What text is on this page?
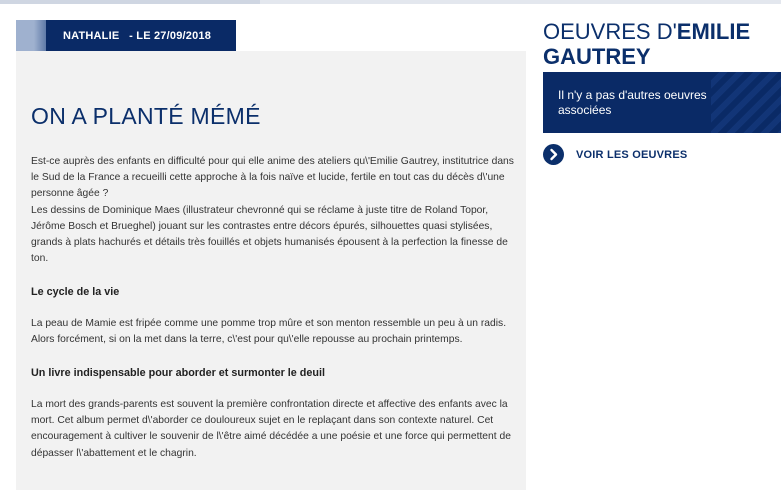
NATHALIE   - LE 27/09/2018
ON A PLANTÉ MÉMÉ

Est-ce auprès des enfants en difficulté pour qui elle anime des ateliers qu\'Emilie Gautrey, institutrice dans le Sud de la France a recueilli cette approche à la fois naïve et lucide, fertile en tout cas du décès d\'une personne âgée ?

Les dessins de Dominique Maes (illustrateur chevronné qui se réclame à juste titre de Roland Topor, Jérôme Bosch et Brueghel) jouant sur les contrastes entre décors épurés, silhouettes quasi stylisées, grands à plats hachurés et détails très fouillés et objets humanisés épousent à la perfection la finesse de ton.

Le cycle de la vie

La peau de Mamie est fripée comme une pomme trop mûre et son menton ressemble un peu à un radis. Alors forcément, si on la met dans la terre, c\'est pour qu\'elle repousse au prochain printemps.

Un livre indispensable pour aborder et surmonter le deuil

La mort des grands-parents est souvent la première confrontation directe et affective des enfants avec la mort. Cet album permet d\'aborder ce douloureux sujet en le replaçant dans son contexte naturel. Cet encouragement à cultiver le souvenir de l\'être aimé décédée a une poésie et une force qui permettent de dépasser l\'abattement et le chagrin.

OEUVRES D'EMILIE GAUTREY
Il n'y a pas d'autres oeuvres associées
VOIR LES OEUVRES
